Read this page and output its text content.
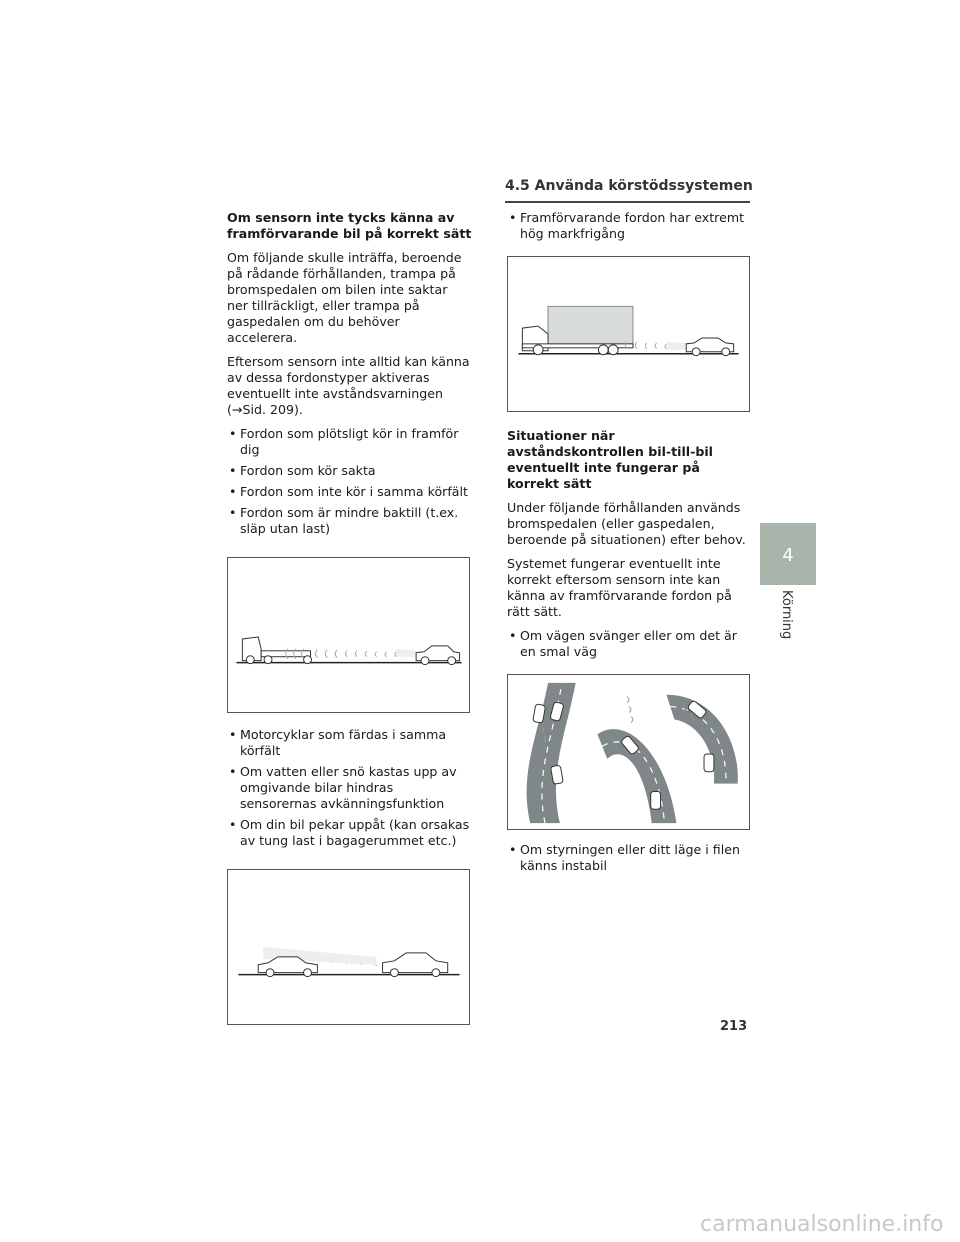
4.5 Använda körstödssystemen
Om sensorn inte tycks känna av framförvarande bil på korrekt sätt

Om följande skulle inträffa, beroende på rådande förhållanden, trampa på bromspedalen om bilen inte saktar ner tillräckligt, eller trampa på gaspedalen om du behöver accelerera.

Eftersom sensorn inte alltid kan känna av dessa fordonstyper aktiveras eventuellt inte avståndsvarningen (→Sid. 209).

• Fordon som plötsligt kör in framför dig
• Fordon som kör sakta
• Fordon som inte kör i samma körfält
• Fordon som är mindre baktill (t.ex. släp utan last)
• Motorcyklar som färdas i samma körfält
• Om vatten eller snö kastas upp av omgivande bilar hindras sensorernas avkänningsfunktion
• Om din bil pekar uppåt (kan orsakas av tung last i bagagerummet etc.)
• Framförvarande fordon har extremt hög markfrigång
Situationer när avståndskontrollen bil-till-bil eventuellt inte fungerar på korrekt sätt

Under följande förhållanden används bromspedalen (eller gaspedalen, beroende på situationen) efter behov.

Systemet fungerar eventuellt inte korrekt eftersom sensorn inte kan känna av framförvarande fordon på rätt sätt.

• Om vägen svänger eller om det är en smal väg
• Om styrningen eller ditt läge i filen känns instabil
4
Körning
213
carmanualsonline.info
